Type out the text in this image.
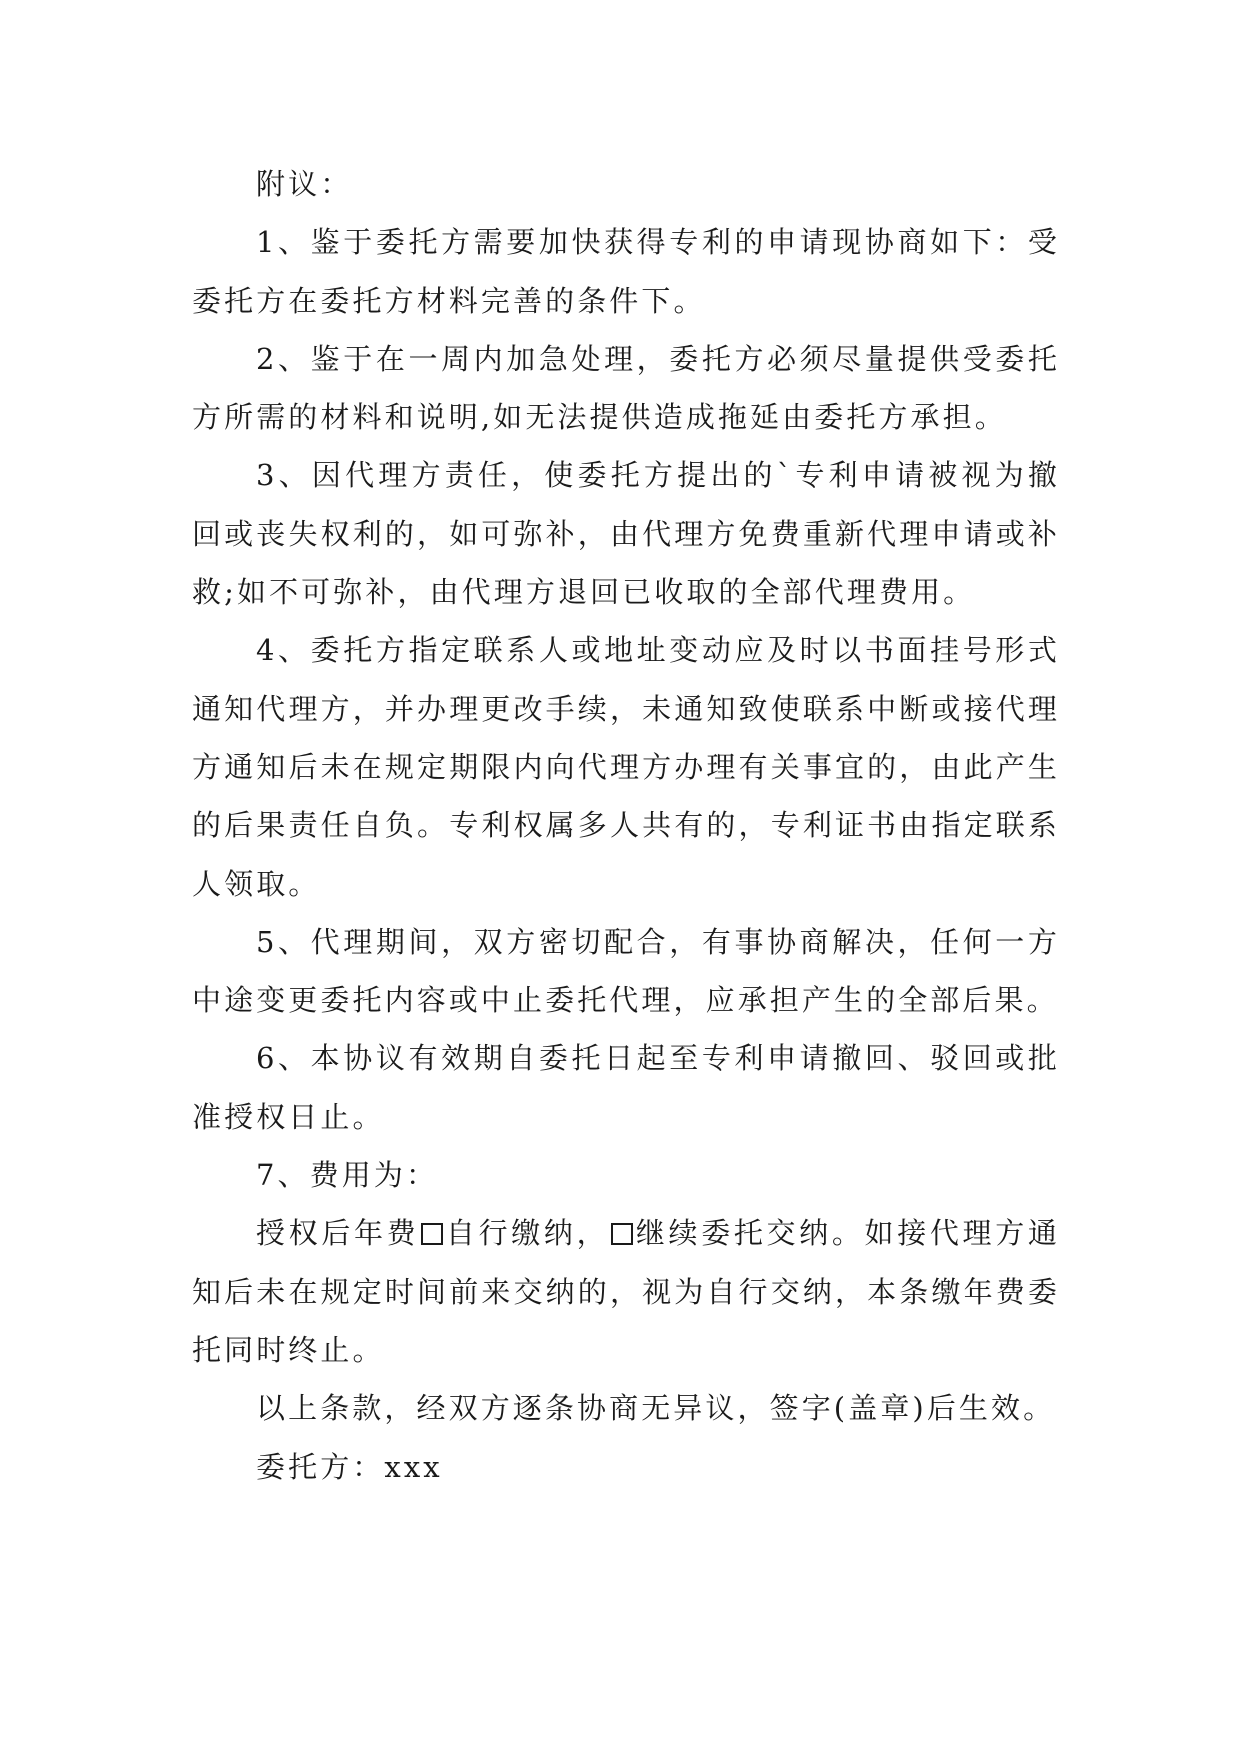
附议：

1、鉴于委托方需要加快获得专利的申请现协商如下：受委托方在委托方材料完善的条件下。

2、鉴于在一周内加急处理，委托方必须尽量提供受委托方所需的材料和说明,如无法提供造成拖延由委托方承担。

3、因代理方责任，使委托方提出的`专利申请被视为撤回或丧失权利的，如可弥补，由代理方免费重新代理申请或补救;如不可弥补，由代理方退回已收取的全部代理费用。

4、委托方指定联系人或地址变动应及时以书面挂号形式通知代理方，并办理更改手续，未通知致使联系中断或接代理方通知后未在规定期限内向代理方办理有关事宜的，由此产生的后果责任自负。专利权属多人共有的，专利证书由指定联系人领取。

5、代理期间，双方密切配合，有事协商解决，任何一方中途变更委托内容或中止委托代理，应承担产生的全部后果。

6、本协议有效期自委托日起至专利申请撤回、驳回或批准授权日止。

7、费用为：

授权后年费 自行缴纳， 继续委托交纳。如接代理方通知后未在规定时间前来交纳的，视为自行交纳，本条缴年费委托同时终止。

以上条款，经双方逐条协商无异议，签字(盖章)后生效。

委托方：xxx
